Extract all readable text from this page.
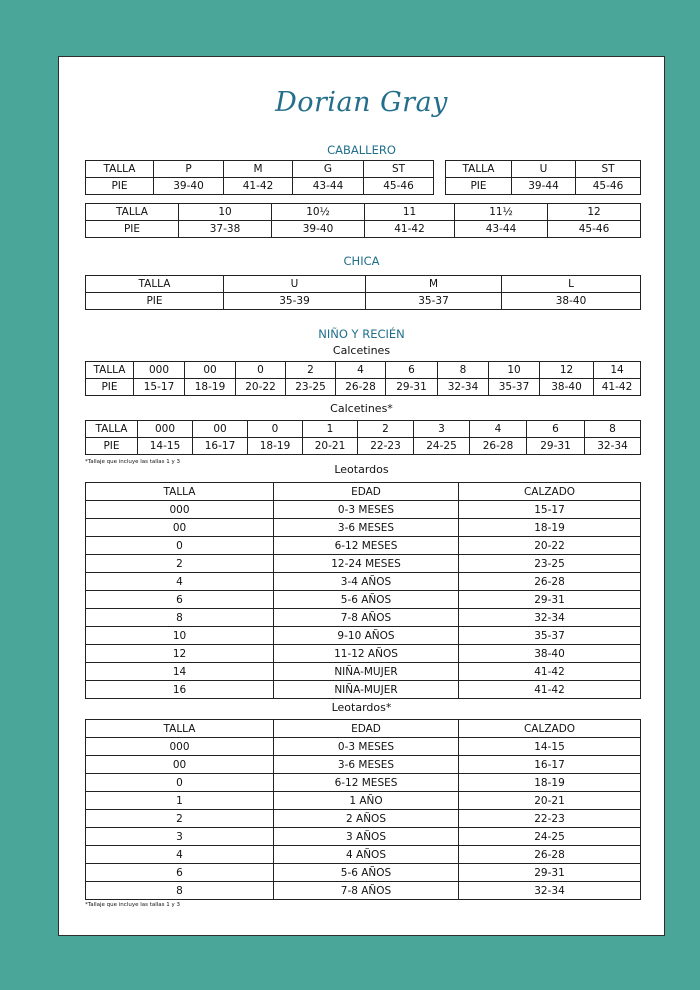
Dorian Gray
CABALLERO
TALLA	P	M	G	ST
PIE	39-40	41-42	43-44	45-46
TALLA	U	ST
PIE	39-44	45-46
TALLA	10	10½	11	11½	12
PIE	37-38	39-40	41-42	43-44	45-46
CHICA
TALLA	U	M	L
PIE	35-39	35-37	38-40
NIÑO Y RECIÉN
Calcetines
TALLA	000	00	0	2	4	6	8	10	12	14
PIE	15-17	18-19	20-22	23-25	26-28	29-31	32-34	35-37	38-40	41-42
Calcetines*
TALLA	000	00	0	1	2	3	4	6	8
PIE	14-15	16-17	18-19	20-21	22-23	24-25	26-28	29-31	32-34
*Tallaje que incluye las tallas 1 y 3
Leotardos
TALLA	EDAD	CALZADO
000	0-3 MESES	15-17
00	3-6 MESES	18-19
0	6-12 MESES	20-22
2	12-24 MESES	23-25
4	3-4 AÑOS	26-28
6	5-6 AÑOS	29-31
8	7-8 AÑOS	32-34
10	9-10 AÑOS	35-37
12	11-12 AÑOS	38-40
14	NIÑA-MUJER	41-42
16	NIÑA-MUJER	41-42
Leotardos*
TALLA	EDAD	CALZADO
000	0-3 MESES	14-15
00	3-6 MESES	16-17
0	6-12 MESES	18-19
1	1 AÑO	20-21
2	2 AÑOS	22-23
3	3 AÑOS	24-25
4	4 AÑOS	26-28
6	5-6 AÑOS	29-31
8	7-8 AÑOS	32-34
*Tallaje que incluye las tallas 1 y 3
